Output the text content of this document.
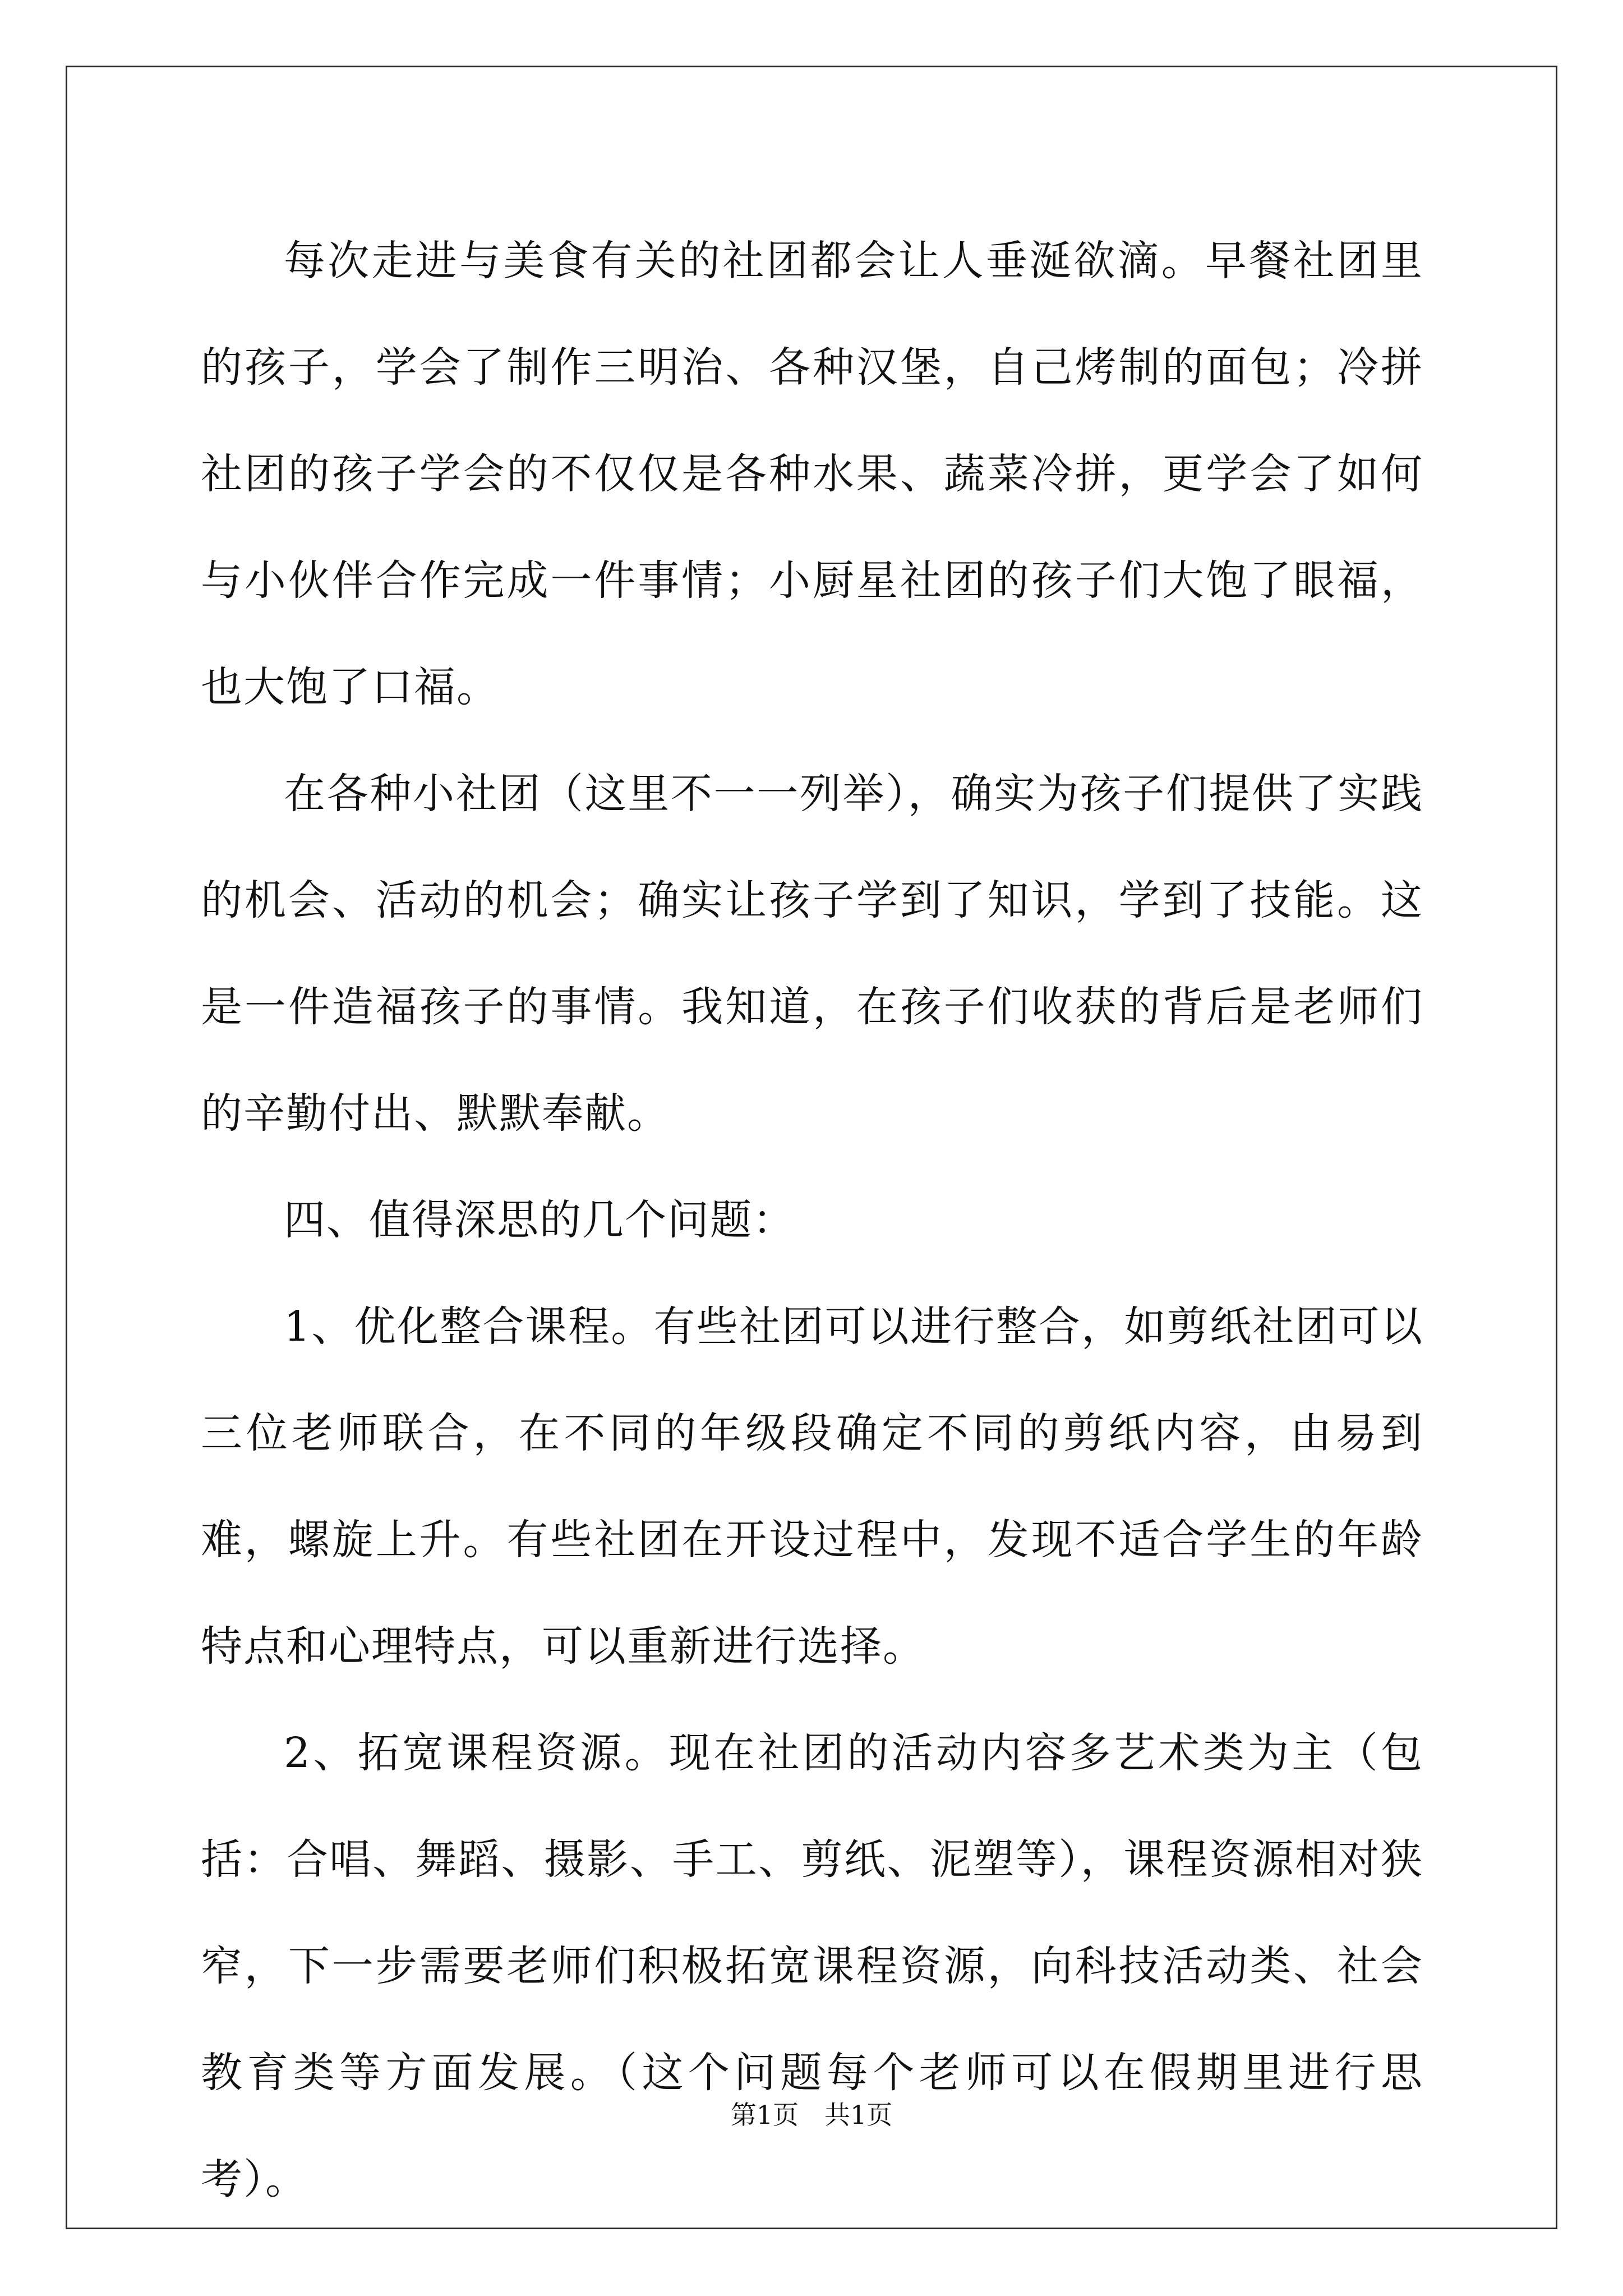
每次走进与美食有关的社团都会让人垂涎欲滴。早餐社团里的孩子，学会了制作三明治、各种汉堡，自己烤制的面包；冷拼社团的孩子学会的不仅仅是各种水果、蔬菜冷拼，更学会了如何与小伙伴合作完成一件事情；小厨星社团的孩子们大饱了眼福，也大饱了口福。

在各种小社团（这里不一一列举），确实为孩子们提供了实践的机会、活动的机会；确实让孩子学到了知识，学到了技能。这是一件造福孩子的事情。我知道，在孩子们收获的背后是老师们的辛勤付出、默默奉献。

四、值得深思的几个问题：

1、优化整合课程。有些社团可以进行整合，如剪纸社团可以三位老师联合，在不同的年级段确定不同的剪纸内容，由易到难，螺旋上升。有些社团在开设过程中，发现不适合学生的年龄特点和心理特点，可以重新进行选择。

2、拓宽课程资源。现在社团的活动内容多艺术类为主（包括：合唱、舞蹈、摄影、手工、剪纸、泥塑等），课程资源相对狭窄，下一步需要老师们积极拓宽课程资源，向科技活动类、社会教育类等方面发展。（这个问题每个老师可以在假期里进行思考）。

第1页　共1页
